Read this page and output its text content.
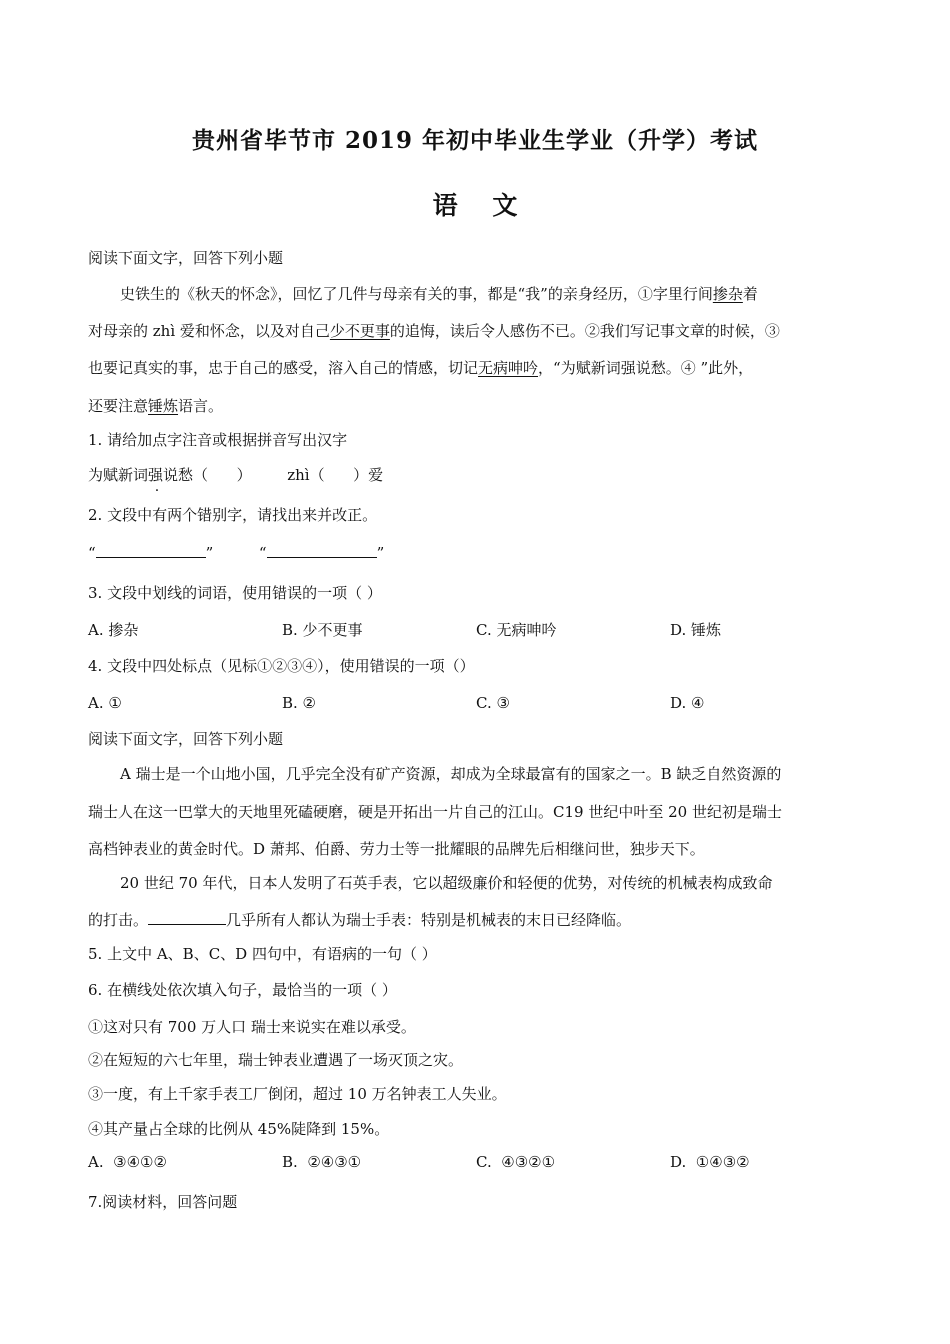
贵州省毕节市 2019 年初中毕业生学业（升学）考试
语    文
阅读下面文字，回答下列小题
史铁生的《秋天的怀念》，回忆了几件与母亲有关的事，都是“我”的亲身经历，①字里行间掺杂着
对母亲的 zhì 爱和怀念，以及对自己少不更事的追悔，读后令人感伤不已。②我们写记事文章的时候，③
也要记真实的事，忠于自己的感受，溶入自己的情感，切记无病呻吟，“为赋新词强说愁。④ ”此外，
还要注意锤炼语言。
1. 请给加点字注音或根据拼音写出汉字
为赋新词强说愁（      ） zhì（      ）爱
2. 文段中有两个错别字，请找出来并改正。
“	”	“	”
3. 文段中划线的词语，使用错误的一项（ ）
A. 掺杂	B. 少不更事	C. 无病呻吟	D. 锤炼
4. 文段中四处标点（见标①②③④），使用错误的一项（）
A. ①	B. ②	C. ③	D. ④
阅读下面文字，回答下列小题
A 瑞士是一个山地小国，几乎完全没有矿产资源，却成为全球最富有的国家之一。B 缺乏自然资源的
瑞士人在这一巴掌大的天地里死磕硬磨，硬是开拓出一片自己的江山。C19 世纪中叶至 20 世纪初是瑞士
高档钟表业的黄金时代。D 萧邦、伯爵、劳力士等一批耀眼的品牌先后相继问世，独步天下。
20 世纪 70 年代，日本人发明了石英手表，它以超级廉价和轻便的优势，对传统的机械表构成致命
的打击。	几乎所有人都认为瑞士手表：特别是机械表的末日已经降临。
5. 上文中 A、B、C、D 四句中，有语病的一句（ ）
6. 在横线处依次填入句子，最恰当的一项（ ）
①这对只有 700 万人口 瑞士来说实在难以承受。
②在短短的六七年里，瑞士钟表业遭遇了一场灭顶之灾。
③一度，有上千家手表工厂倒闭，超过 10 万名钟表工人失业。
④其产量占全球的比例从 45%陡降到 15%。
A.  ③④①②	B.  ②④③①	C.  ④③②①	D.  ①④③②
7.阅读材料，回答问题
